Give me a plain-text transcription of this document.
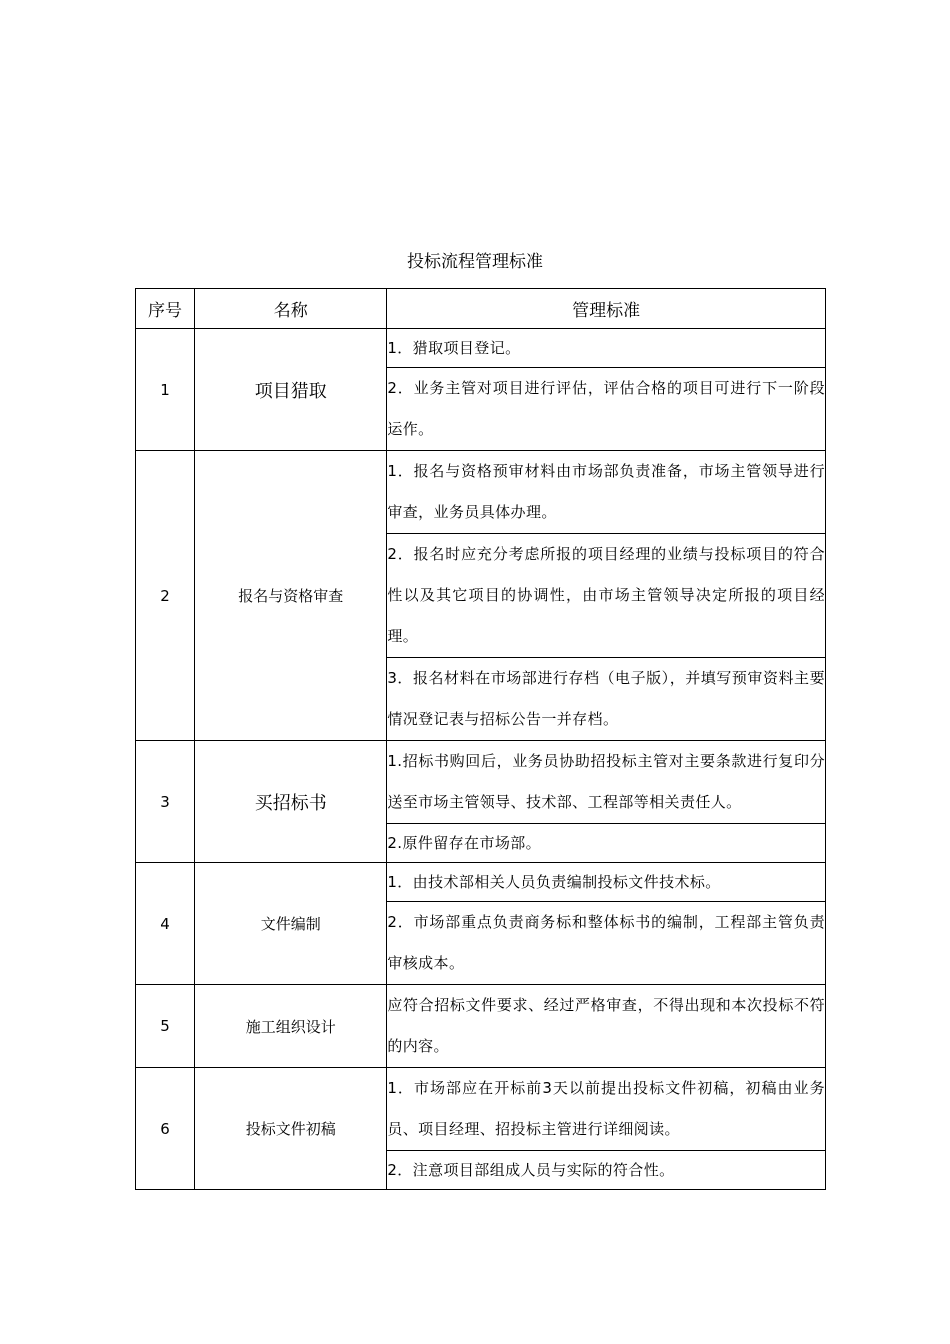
投标流程管理标准
序号	名称	管理标准
1	项目猎取	1．猎取项目登记。
		2．业务主管对项目进行评估，评估合格的项目可进行下一阶段运作。
2	报名与资格审查	1．报名与资格预审材料由市场部负责准备，市场主管领导进行审查，业务员具体办理。
		2．报名时应充分考虑所报的项目经理的业绩与投标项目的符合性以及其它项目的协调性，由市场主管领导决定所报的项目经理。
		3．报名材料在市场部进行存档（电子版），并填写预审资料主要情况登记表与招标公告一并存档。
3	买招标书	1.招标书购回后，业务员协助招投标主管对主要条款进行复印分送至市场主管领导、技术部、工程部等相关责任人。
		2.原件留存在市场部。
4	文件编制	1．由技术部相关人员负责编制投标文件技术标。
		2．市场部重点负责商务标和整体标书的编制，工程部主管负责审核成本。
5	施工组织设计	应符合招标文件要求、经过严格审查，不得出现和本次投标不符的内容。
6	投标文件初稿	1．市场部应在开标前3天以前提出投标文件初稿，初稿由业务员、项目经理、招投标主管进行详细阅读。
		2．注意项目部组成人员与实际的符合性。
